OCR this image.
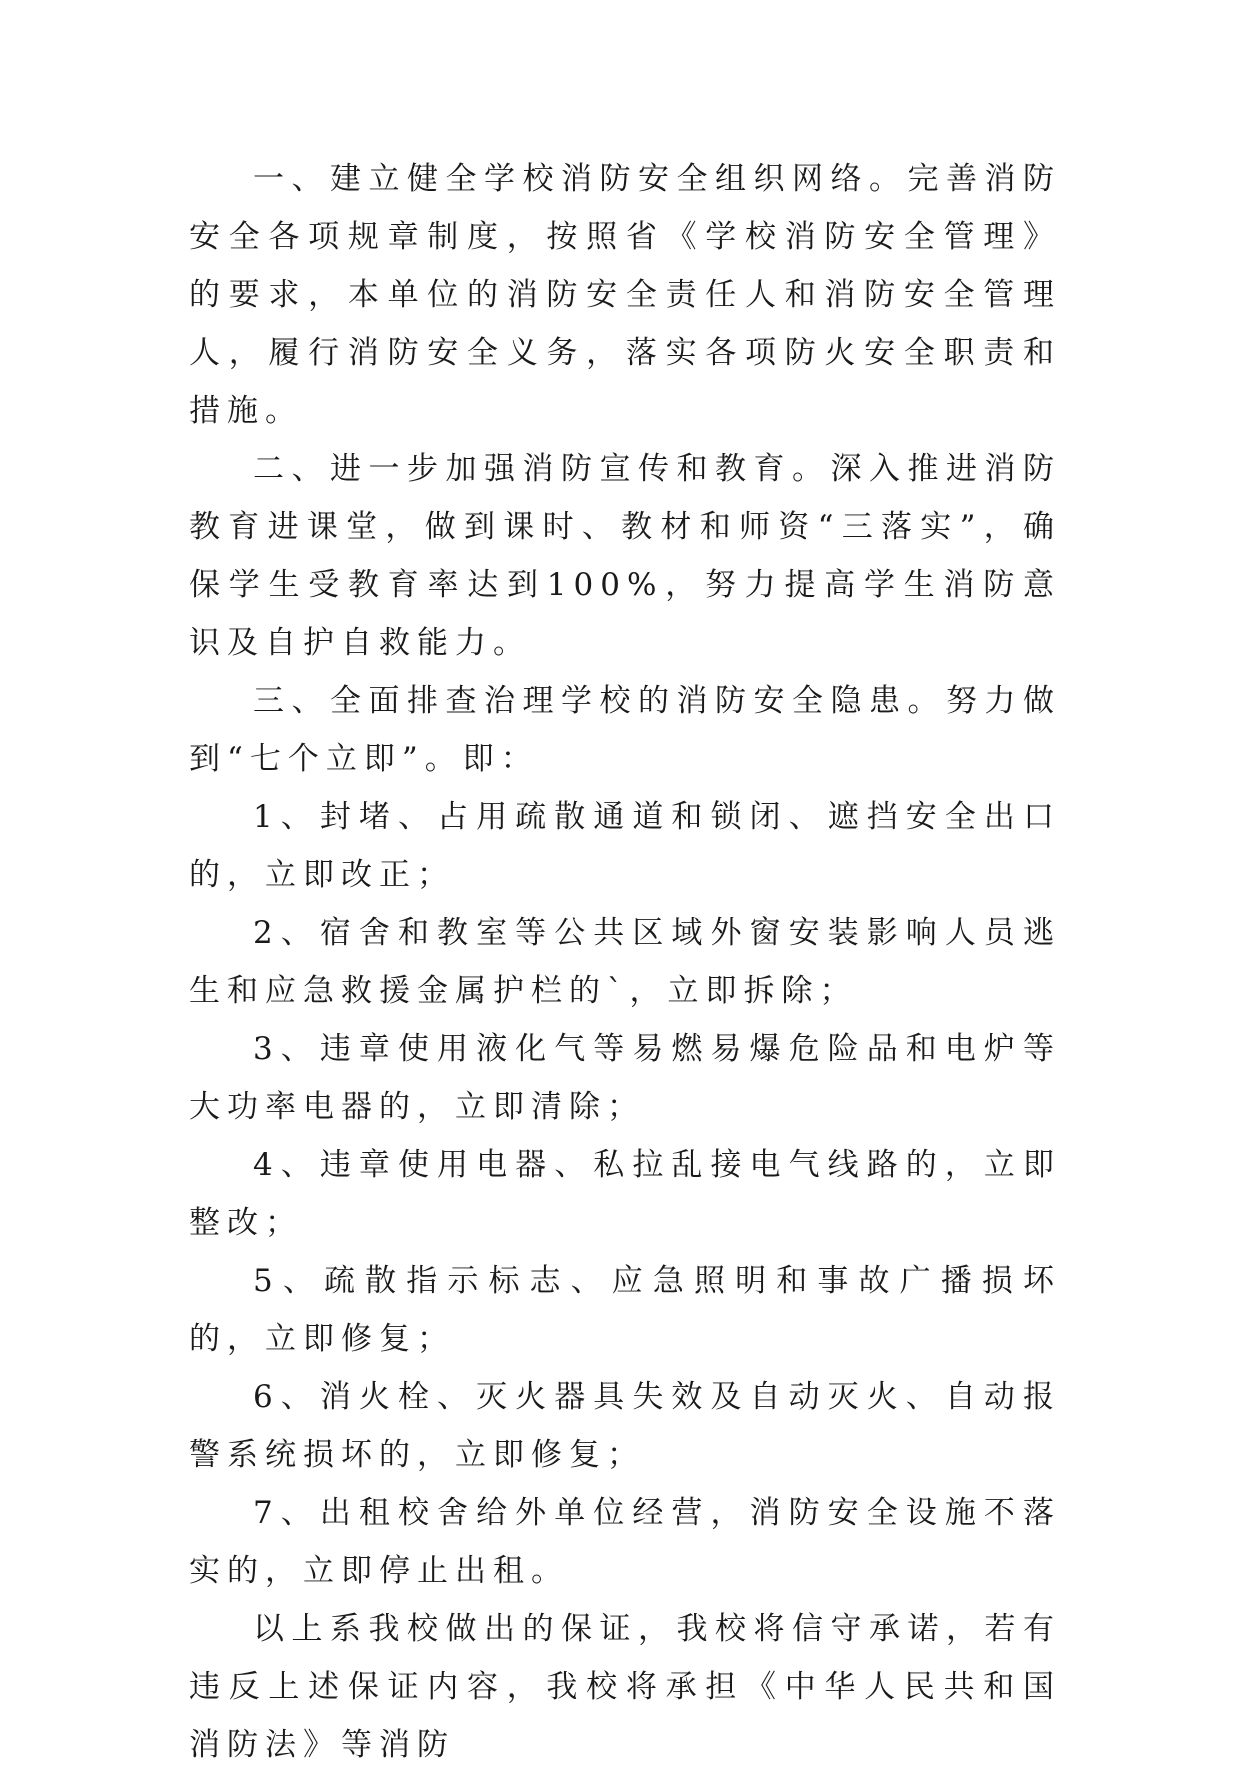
一、建立健全学校消防安全组织网络。完善消防安全各项规章制度，按照省《学校消防安全管理》的要求，本单位的消防安全责任人和消防安全管理人，履行消防安全义务，落实各项防火安全职责和措施。

二、进一步加强消防宣传和教育。深入推进消防教育进课堂，做到课时、教材和师资“三落实”，确保学生受教育率达到100%，努力提高学生消防意识及自护自救能力。

三、全面排查治理学校的消防安全隐患。努力做到“七个立即”。即：

1、封堵、占用疏散通道和锁闭、遮挡安全出口的，立即改正；

2、宿舍和教室等公共区域外窗安装影响人员逃生和应急救援金属护栏的`，立即拆除；

3、违章使用液化气等易燃易爆危险品和电炉等大功率电器的，立即清除；

4、违章使用电器、私拉乱接电气线路的，立即整改；

5、疏散指示标志、应急照明和事故广播损坏的，立即修复；

6、消火栓、灭火器具失效及自动灭火、自动报警系统损坏的，立即修复；

7、出租校舍给外单位经营，消防安全设施不落实的，立即停止出租。

以上系我校做出的保证，我校将信守承诺，若有违反上述保证内容，我校将承担《中华人民共和国消防法》等消防
